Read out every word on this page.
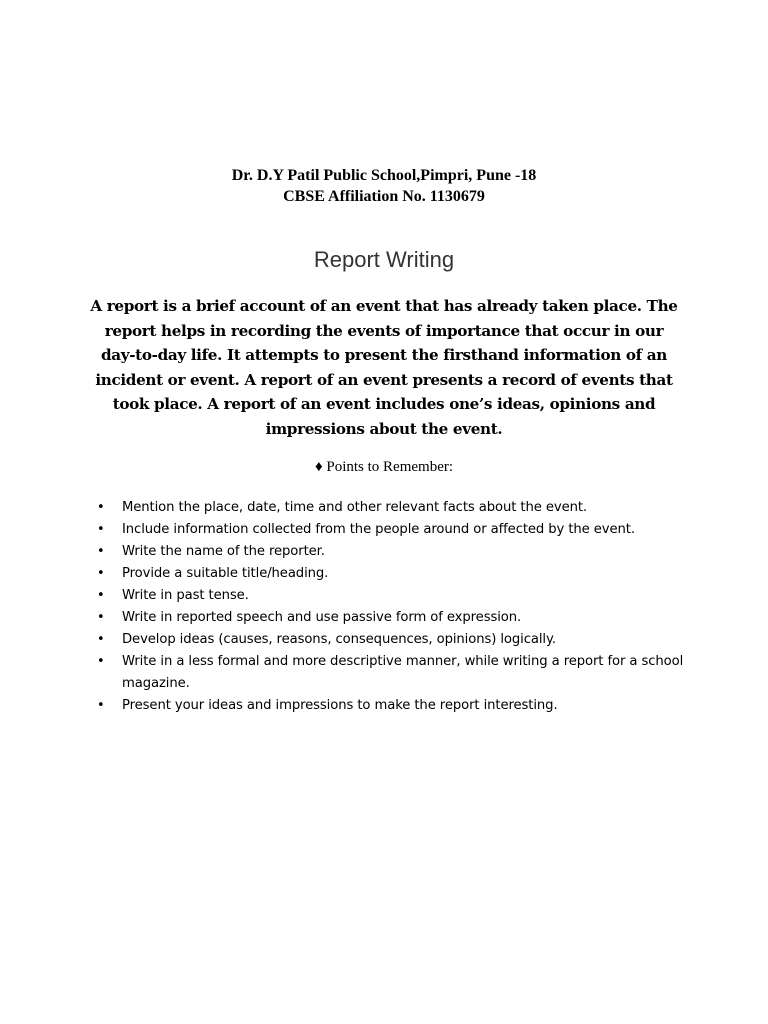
Dr. D.Y Patil Public School,Pimpri, Pune -18
CBSE Affiliation No. 1130679
Report Writing
A report is a brief account of an event that has already taken place. The report helps in recording the events of importance that occur in our day-to-day life. It attempts to present the firsthand information of an incident or event. A report of an event presents a record of events that took place. A report of an event includes one’s ideas, opinions and impressions about the event.
♦ Points to Remember:
• Mention the place, date, time and other relevant facts about the event.
• Include information collected from the people around or affected by the event.
• Write the name of the reporter.
• Provide a suitable title/heading.
• Write in past tense.
• Write in reported speech and use passive form of expression.
• Develop ideas (causes, reasons, consequences, opinions) logically.
• Write in a less formal and more descriptive manner, while writing a report for a school magazine.
• Present your ideas and impressions to make the report interesting.
